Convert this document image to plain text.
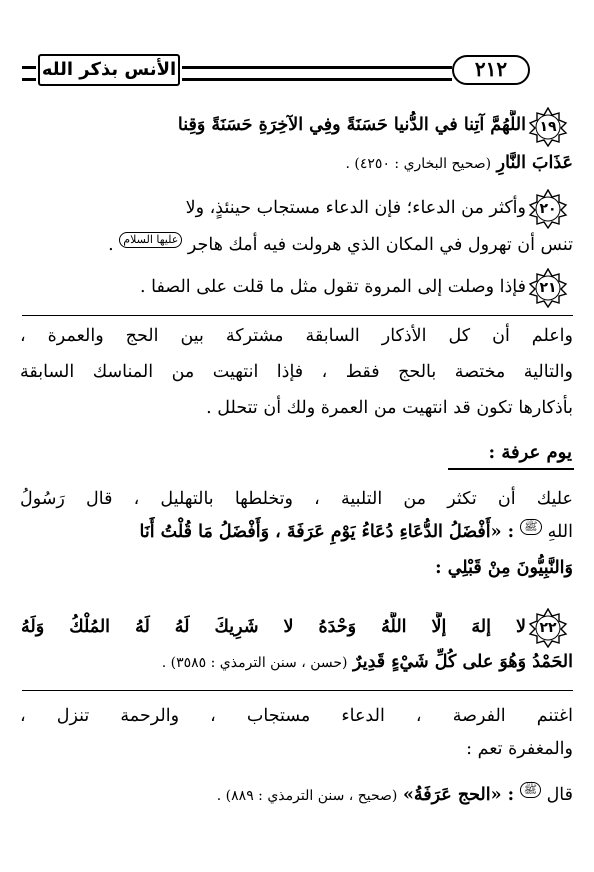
الأنس بذكر الله	٢١٢
١٩
اللَّهُمَّ آتِنا في الدُّنيا حَسَنَةً وفِي الآخِرَةِ حَسَنَةً وَقِنا
عَذَابَ النَّارِ (صحيح البخاري : ٤٢٥٠) .
٢٠
وأكثر من الدعاء؛ فإن الدعاء مستجاب حينئذٍ، ولا
تنس أن تهرول في المكان الذي هرولت فيه أمك هاجر عليها السلام .
٢١
فإذا وصلت إلى المروة تقول مثل ما قلت على الصفا .
واعلم أن كل الأذكار السابقة مشتركة بين الحج والعمرة ،
والتالية مختصة بالحج فقط ، فإذا انتهيت من المناسك السابقة
بأذكارها تكون قد انتهيت من العمرة ولك أن تتحلل .
يوم عرفة :
عليك أن تكثر من التلبية ، وتخلطها بالتهليل ، قال رَسُولُ
اللهِ ﷺ : «أَفْضَلُ الدُّعَاءِ دُعَاءُ يَوْمِ عَرَفَةَ ، وَأَفْضَلُ مَا قُلْتُ أَنَا
وَالنَّبِيُّونَ مِنْ قَبْلِي :
٢٢
لا إلهَ إلَّا اللَّهُ وَحْدَهُ لا شَرِيكَ لَهُ لَهُ المُلْكُ وَلَهُ
الحَمْدُ وَهُوَ على كُلِّ شَيْءٍ قَدِيرٌ (حسن ، سنن الترمذي : ٣٥٨٥) .
اغتنم الفرصة ، الدعاء مستجاب ، والرحمة تنزل ،
والمغفرة تعم :
قال ﷺ : «الحج عَرَفَةُ» (صحيح ، سنن الترمذي : ٨٨٩) .
